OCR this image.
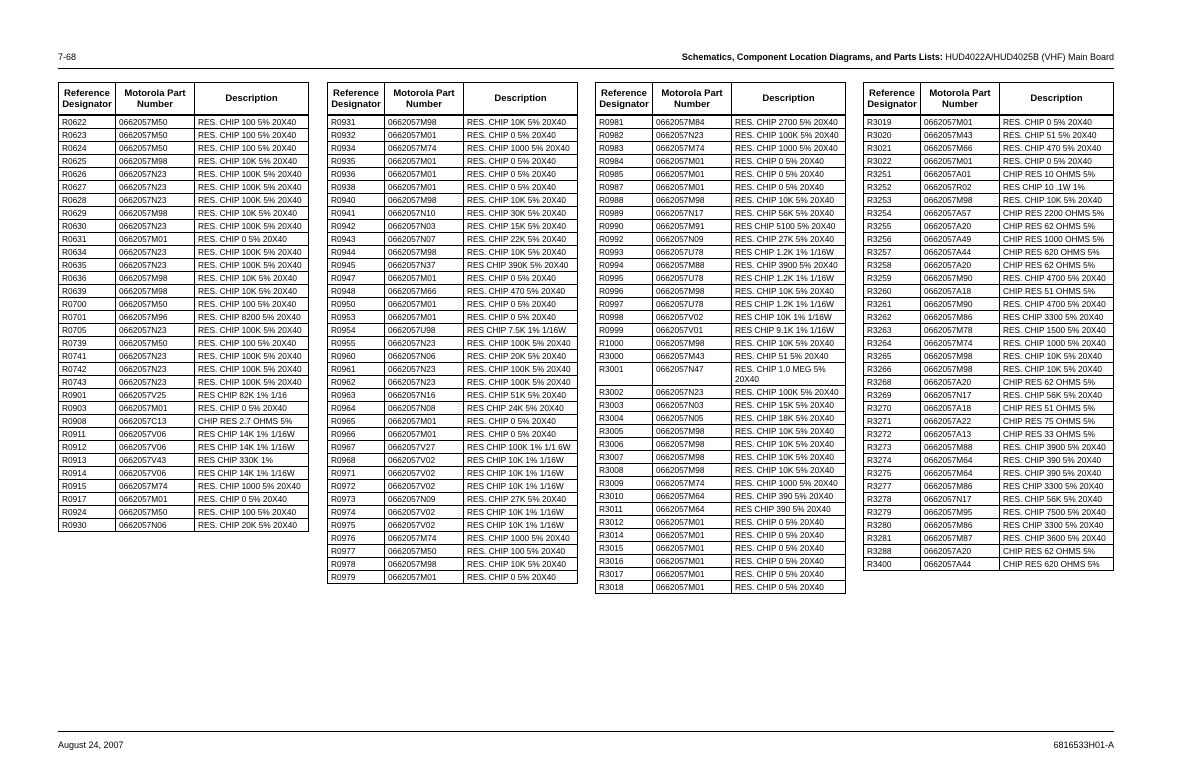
7-68	Schematics, Component Location Diagrams, and Parts Lists: HUD4022A/HUD4025B (VHF) Main Board
Reference Designator	Motorola Part Number	Description
R0622	0662057M50	RES. CHIP 100 5% 20X40
R0623	0662057M50	RES. CHIP 100 5% 20X40
R0624	0662057M50	RES. CHIP 100 5% 20X40
R0625	0662057M98	RES. CHIP 10K 5% 20X40
R0626	0662057N23	RES. CHIP 100K 5% 20X40
R0627	0662057N23	RES. CHIP 100K 5% 20X40
R0628	0662057N23	RES. CHIP 100K 5% 20X40
R0629	0662057M98	RES. CHIP 10K 5% 20X40
R0630	0662057N23	RES. CHIP 100K 5% 20X40
R0631	0662057M01	RES. CHIP 0 5% 20X40
R0634	0662057N23	RES. CHIP 100K 5% 20X40
R0635	0662057N23	RES. CHIP 100K 5% 20X40
R0636	0662057M98	RES. CHIP 10K 5% 20X40
R0639	0662057M98	RES. CHIP 10K 5% 20X40
R0700	0662057M50	RES. CHIP 100 5% 20X40
R0701	0662057M96	RES. CHIP 8200 5% 20X40
R0705	0662057N23	RES. CHIP 100K 5% 20X40
R0739	0662057M50	RES. CHIP 100 5% 20X40
R0741	0662057N23	RES. CHIP 100K 5% 20X40
R0742	0662057N23	RES. CHIP 100K 5% 20X40
R0743	0662057N23	RES. CHIP 100K 5% 20X40
R0901	0662057V25	RES CHIP 82K 1% 1/16
R0903	0662057M01	RES. CHIP 0 5% 20X40
R0908	0662057C13	CHIP RES 2.7 OHMS 5%
R0911	0662057V06	RES CHIP 14K 1% 1/16W
R0912	0662057V06	RES CHIP 14K 1% 1/16W
R0913	0662057V43	RES CHIP 330K 1%
R0914	0662057V06	RES CHIP 14K 1% 1/16W
R0915	0662057M74	RES. CHIP 1000 5% 20X40
R0917	0662057M01	RES. CHIP 0 5% 20X40
R0924	0662057M50	RES. CHIP 100 5% 20X40
R0930	0662057N06	RES. CHIP 20K 5% 20X40
Reference Designator	Motorola Part Number	Description
R0931	0662057M98	RES. CHIP 10K 5% 20X40
R0932	0662057M01	RES. CHIP 0 5% 20X40
R0934	0662057M74	RES. CHIP 1000 5% 20X40
R0935	0662057M01	RES. CHIP 0 5% 20X40
R0936	0662057M01	RES. CHIP 0 5% 20X40
R0938	0662057M01	RES. CHIP 0 5% 20X40
R0940	0662057M98	RES. CHIP 10K 5% 20X40
R0941	0662057N10	RES. CHIP 30K 5% 20X40
R0942	0662057N03	RES. CHIP 15K 5% 20X40
R0943	0662057N07	RES. CHIP 22K 5% 20X40
R0944	0662057M98	RES. CHIP 10K 5% 20X40
R0945	0662057N37	RES CHIP 390K 5% 20X40
R0947	0662057M01	RES. CHIP 0 5% 20X40
R0948	0662057M66	RES. CHIP 470 5% 20X40
R0950	0662057M01	RES. CHIP 0 5% 20X40
R0953	0662057M01	RES. CHIP 0 5% 20X40
R0954	0662057U98	RES CHIP 7.5K 1% 1/16W
R0955	0662057N23	RES. CHIP 100K 5% 20X40
R0960	0662057N06	RES. CHIP 20K 5% 20X40
R0961	0662057N23	RES. CHIP 100K 5% 20X40
R0962	0662057N23	RES. CHIP 100K 5% 20X40
R0963	0662057N16	RES. CHIP 51K 5% 20X40
R0964	0662057N08	RES CHIP 24K 5% 20X40
R0965	0662057M01	RES. CHIP 0 5% 20X40
R0966	0662057M01	RES. CHIP 0 5% 20X40
R0967	0662057V27	RES CHIP 100K 1% 1/1 6W
R0968	0662057V02	RES CHIP 10K 1% 1/16W
R0971	0662057V02	RES CHIP 10K 1% 1/16W
R0972	0662057V02	RES CHIP 10K 1% 1/16W
R0973	0662057N09	RES. CHIP 27K 5% 20X40
R0974	0662057V02	RES CHIP 10K 1% 1/16W
R0975	0662057V02	RES CHIP 10K 1% 1/16W
R0976	0662057M74	RES. CHIP 1000 5% 20X40
R0977	0662057M50	RES. CHIP 100 5% 20X40
R0978	0662057M98	RES. CHIP 10K 5% 20X40
R0979	0662057M01	RES. CHIP 0 5% 20X40
Reference Designator	Motorola Part Number	Description
R0981	0662057M84	RES. CHIP 2700 5% 20X40
R0982	0662057N23	RES. CHIP 100K 5% 20X40
R0983	0662057M74	RES. CHIP 1000 5% 20X40
R0984	0662057M01	RES. CHIP 0 5% 20X40
R0985	0662057M01	RES. CHIP 0 5% 20X40
R0987	0662057M01	RES. CHIP 0 5% 20X40
R0988	0662057M98	RES. CHIP 10K 5% 20X40
R0989	0662057N17	RES. CHIP 56K 5% 20X40
R0990	0662057M91	RES CHIP 5100 5% 20X40
R0992	0662057N09	RES. CHIP 27K 5% 20X40
R0993	0662057U78	RES CHIP 1.2K 1% 1/16W
R0994	0662057M88	RES. CHIP 3900 5% 20X40
R0995	0662057U78	RES CHIP 1.2K 1% 1/16W
R0996	0662057M98	RES. CHIP 10K 5% 20X40
R0997	0662057U78	RES CHIP 1.2K 1% 1/16W
R0998	0662057V02	RES CHIP 10K 1% 1/16W
R0999	0662057V01	RES CHIP 9.1K 1% 1/16W
R1000	0662057M98	RES. CHIP 10K 5% 20X40
R3000	0662057M43	RES. CHIP 51 5% 20X40
R3001	0662057N47	RES. CHIP 1.0 MEG 5% 20X40
R3002	0662057N23	RES. CHIP 100K 5% 20X40
R3003	0662057N03	RES. CHIP 15K 5% 20X40
R3004	0662057N05	RES. CHIP 18K 5% 20X40
R3005	0662057M98	RES. CHIP 10K 5% 20X40
R3006	0662057M98	RES. CHIP 10K 5% 20X40
R3007	0662057M98	RES. CHIP 10K 5% 20X40
R3008	0662057M98	RES. CHIP 10K 5% 20X40
R3009	0662057M74	RES. CHIP 1000 5% 20X40
R3010	0662057M64	RES. CHIP 390 5% 20X40
R3011	0662057M64	RES CHIP 390 5% 20X40
R3012	0662057M01	RES. CHIP 0 5% 20X40
R3014	0662057M01	RES. CHIP 0 5% 20X40
R3015	0662057M01	RES. CHIP 0 5% 20X40
R3016	0662057M01	RES. CHIP 0 5% 20X40
R3017	0662057M01	RES. CHIP 0 5% 20X40
R3018	0662057M01	RES. CHIP 0 5% 20X40
Reference Designator	Motorola Part Number	Description
R3019	0662057M01	RES. CHIP 0 5% 20X40
R3020	0662057M43	RES. CHIP 51 5% 20X40
R3021	0662057M66	RES. CHIP 470 5% 20X40
R3022	0662057M01	RES. CHIP 0 5% 20X40
R3251	0662057A01	CHIP RES 10 OHMS 5%
R3252	0662057R02	RES CHIP 10 .1W 1%
R3253	0662057M98	RES. CHIP 10K 5% 20X40
R3254	0662057A57	CHIP RES 2200 OHMS 5%
R3255	0662057A20	CHIP RES 62 OHMS 5%
R3256	0662057A49	CHIP RES 1000 OHMS 5%
R3257	0662057A44	CHIP RES 620 OHMS 5%
R3258	0662057A20	CHIP RES 62 OHMS 5%
R3259	0662057M90	RES. CHIP 4700 5% 20X40
R3260	0662057A18	CHIP RES 51 OHMS 5%
R3261	0662057M90	RES. CHIP 4700 5% 20X40
R3262	0662057M86	RES CHIP 3300 5% 20X40
R3263	0662057M78	RES. CHIP 1500 5% 20X40
R3264	0662057M74	RES. CHIP 1000 5% 20X40
R3265	0662057M98	RES. CHIP 10K 5% 20X40
R3266	0662057M98	RES. CHIP 10K 5% 20X40
R3268	0662057A20	CHIP RES 62 OHMS 5%
R3269	0662057N17	RES. CHIP 56K 5% 20X40
R3270	0662057A18	CHIP RES 51 OHMS 5%
R3271	0662057A22	CHIP RES 75 OHMS 5%
R3272	0662057A13	CHIP RES 33 OHMS 5%
R3273	0662057M88	RES. CHIP 3900 5% 20X40
R3274	0662057M64	RES. CHIP 390 5% 20X40
R3275	0662057M64	RES. CHIP 390 5% 20X40
R3277	0662057M86	RES CHIP 3300 5% 20X40
R3278	0662057N17	RES. CHIP 56K 5% 20X40
R3279	0662057M95	RES. CHIP 7500 5% 20X40
R3280	0662057M86	RES CHIP 3300 5% 20X40
R3281	0662057M87	RES. CHIP 3600 5% 20X40
R3288	0662057A20	CHIP RES 62 OHMS 5%
R3400	0662057A44	CHIP RES 620 OHMS 5%
August 24, 2007	6816533H01-A
